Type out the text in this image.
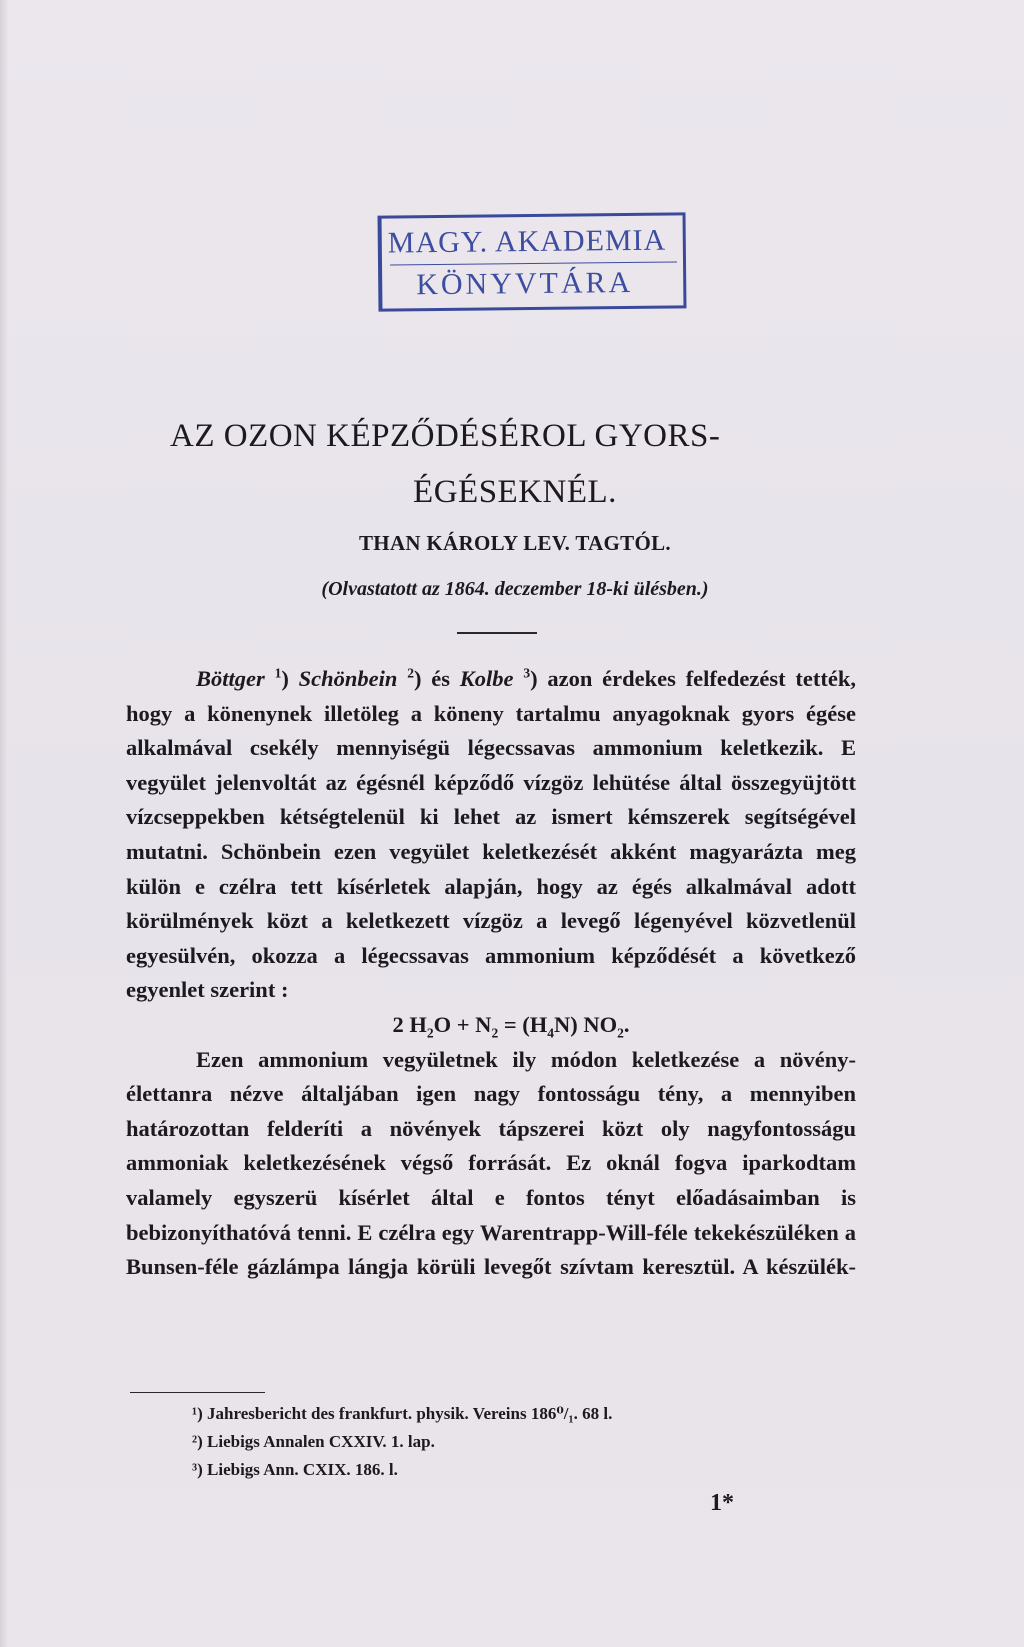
MAGY. AKADEMIA
KÖNYVTÁRA
AZ OZON KÉPZŐDÉSÉROL GYORS-
ÉGÉSEKNÉL.
THAN KÁROLY LEV. TAGTÓL.
(Olvastatott az 1864. deczember 18-ki ülésben.)

Böttger $^1$) Schönbein $^2$) és Kolbe $^3$) azon érdekes felfedezést tették, hogy a könenynek illetöleg a köneny tartalmu anyagoknak gyors égése alkalmával csekély mennyiségü légecssavas ammonium keletkezik. E vegyület jelenvoltát az égésnél képződő vízgöz lehütése által összegyüjtött vízcseppekben kétségtelenül ki lehet az ismert kémszerek segítségével mutatni. Schönbein ezen vegyület keletkezését akként magyarázta meg külön e czélra tett kísérletek alapján, hogy az égés alkalmával adott körülmények közt a keletkezett vízgöz a levegő légenyével közvetlenül egyesülvén, okozza a légecssavas ammonium képződését a következő egyenlet szerint :

2 $H_2O + N_2 = (H_4N)$ $NO_2$.

Ezen ammonium vegyületnek ily módon keletkezése a növény-élettanra nézve általjában igen nagy fontosságu tény, a mennyiben határozottan felderíti a növények tápszerei közt oly nagyfontosságu ammoniak keletkezésének végső forrását. Ez oknál fogva iparkodtam valamely egyszerü kísérlet által e fontos tényt előadásaimban is bebizonyíthatóvá tenni. E czélra egy Warentrapp-Will-féle tekekészüléken a Bunsen-féle gázlámpa lángja körüli levegőt szívtam keresztül. A készülék-

¹) Jahresbericht des frankfurt. physik. Vereins 186⁰/₁. 68 l.
²) Liebigs Annalen CXXIV. 1. lap.
³) Liebigs Ann. CXIX. 186. l.
1*
